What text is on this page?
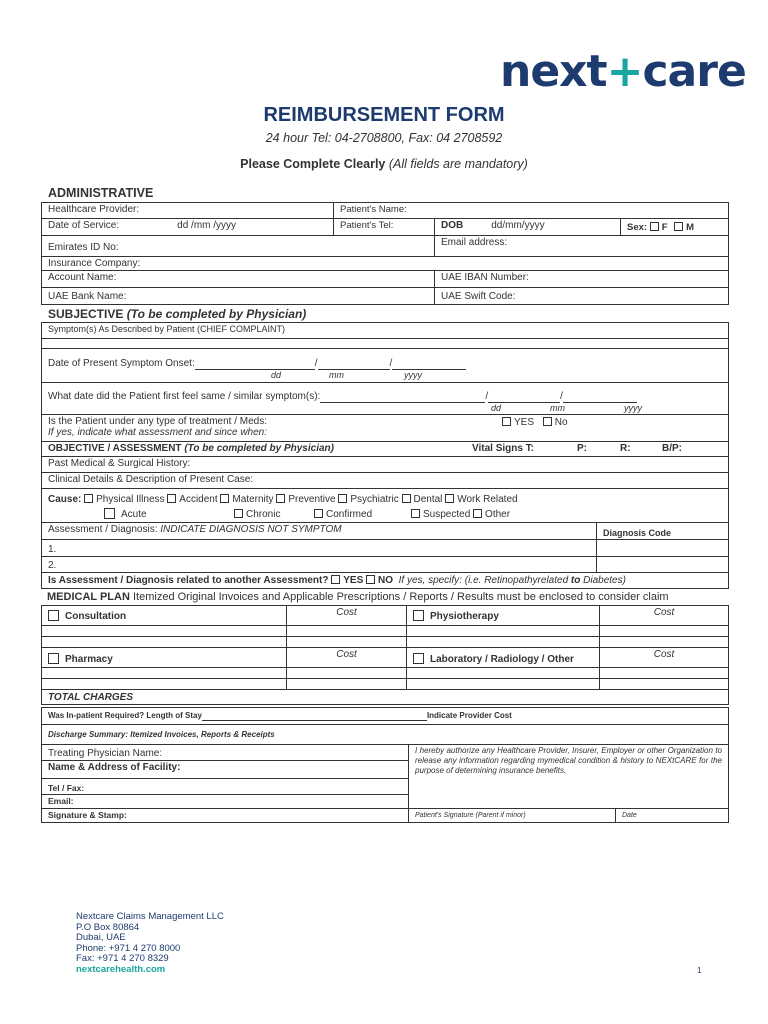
next+care
REIMBURSEMENT FORM
24 hour Tel: 04-2708800, Fax: 04 2708592
Please Complete Clearly (All fields are mandatory)
ADMINISTRATIVE
Healthcare Provider:	Patient's Name:		
Date of Service: dd /mm /yyyy	Patient's Tel:	DOB dd/mm/yyyy	Sex: F M
Emirates ID No:		Email address:	
Insurance Company:			
Account Name:		UAE IBAN Number:	
UAE Bank Name:		UAE Swift Code:	
SUBJECTIVE (To be completed by Physician)
Symptom(s) As Described by Patient (CHIEF COMPLAINT)	

Date of Present Symptom Onset: / /
dd mm yyyy	

What date did the Patient first feel same / similar symptom(s): / /
dd mm yyyy	

Is the Patient under any type of treatment / Meds:
If yes, indicate what assessment and since when:
YES No	

OBJECTIVE / ASSESSMENT (To be completed by Physician) Vital Signs T: P: R: B/P:	

Past Medical & Surgical History:	
Clinical Details & Description of Present Case:	

Cause: Physical Illness Accident Maternity Preventive Psychiatric Dental Work Related
Acute Chronic Confirmed Suspected Other	

Assessment / Diagnosis: INDICATE DIAGNOSIS NOT SYMPTOM	Diagnosis Code
1.	
2.	
Is Assessment / Diagnosis related to another Assessment? YES NO If yes, specify: (i.e. Retinopathyrelated to Diabetes)	
MEDICAL PLAN Itemized Original Invoices and Applicable Prescriptions / Reports / Results must be enclosed to consider claim
Consultation	Cost	Physiotherapy	Cost

Pharmacy	Cost	Laboratory / Radiology / Other	Cost

TOTAL CHARGES			
Was In-patient Required? Length of Stay Indicate Provider Cost		
Discharge Summary: Itemized Invoices, Reports & Receipts		
Treating Physician Name:	I hereby authorize any Healthcare Provider, Insurer, Employer or other Organization to release any information regarding mymedical condition & history to NEXtCARE for the purpose of determining insurance benefits.	
Name & Address of Facility:		
Tel / Fax:		
Email:		
Signature & Stamp:	Patient's Signature (Parent if minor)	Date
Nextcare Claims Management LLC
P.O Box 80864
Dubai, UAE
Phone: +971 4 270 8000
Fax: +971 4 270 8329
nextcarehealth.com	1
